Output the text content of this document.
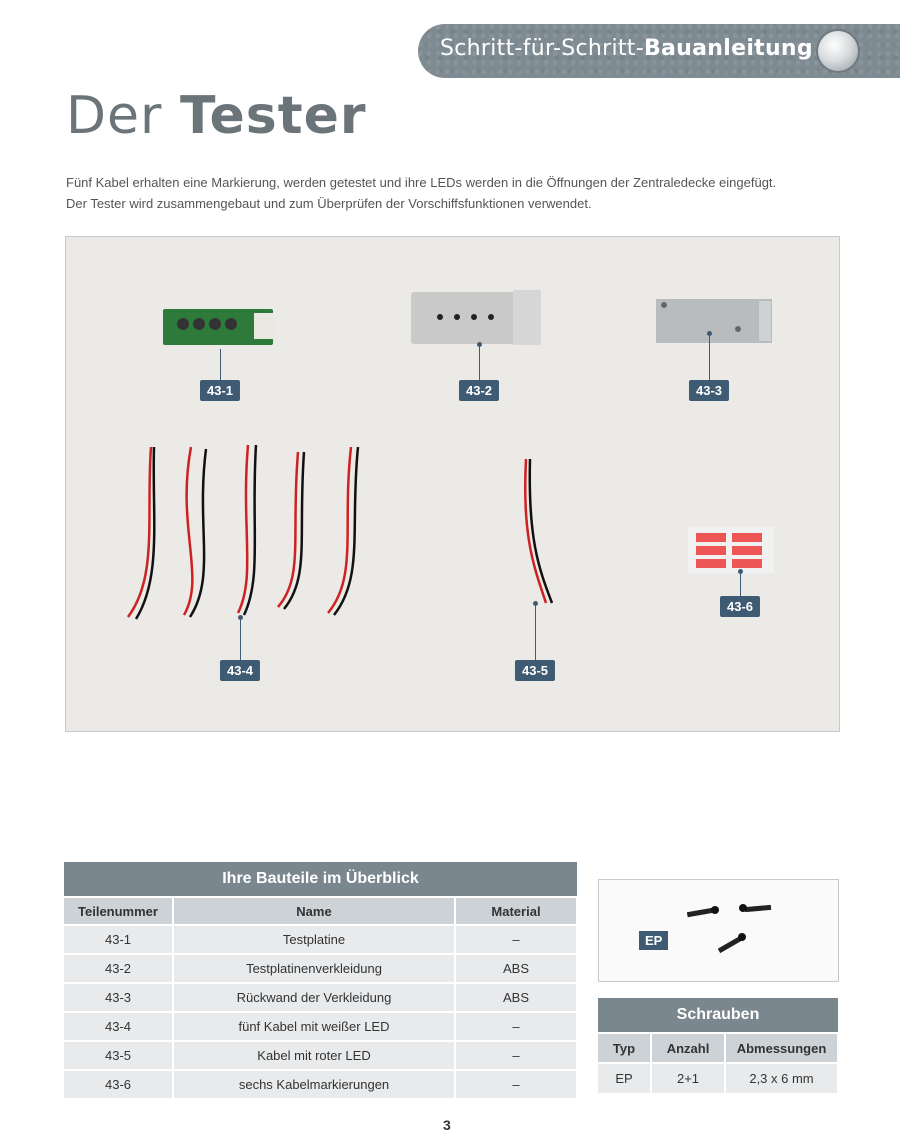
Schritt-für-Schritt-Bauanleitung
Der Tester
Fünf Kabel erhalten eine Markierung, werden getestet und ihre LEDs werden in die Öffnungen der Zentraledecke eingefügt.
Der Tester wird zusammengebaut und zum Überprüfen der Vorschiffsfunktionen verwendet.
43-1	43-2	43-3
43-4	43-5
43-6
Ihre Bauteile im Überblick		
Teilenummer	Name	Material
43-1	Testplatine	–
43-2	Testplatinenverkleidung	ABS
43-3	Rückwand der Verkleidung	ABS
43-4	fünf Kabel mit weißer LED	–
43-5	Kabel mit roter LED	–
43-6	sechs Kabelmarkierungen	–
EP
Schrauben		
Typ	Anzahl	Abmessungen
EP	2+1	2,3 x 6 mm
3
